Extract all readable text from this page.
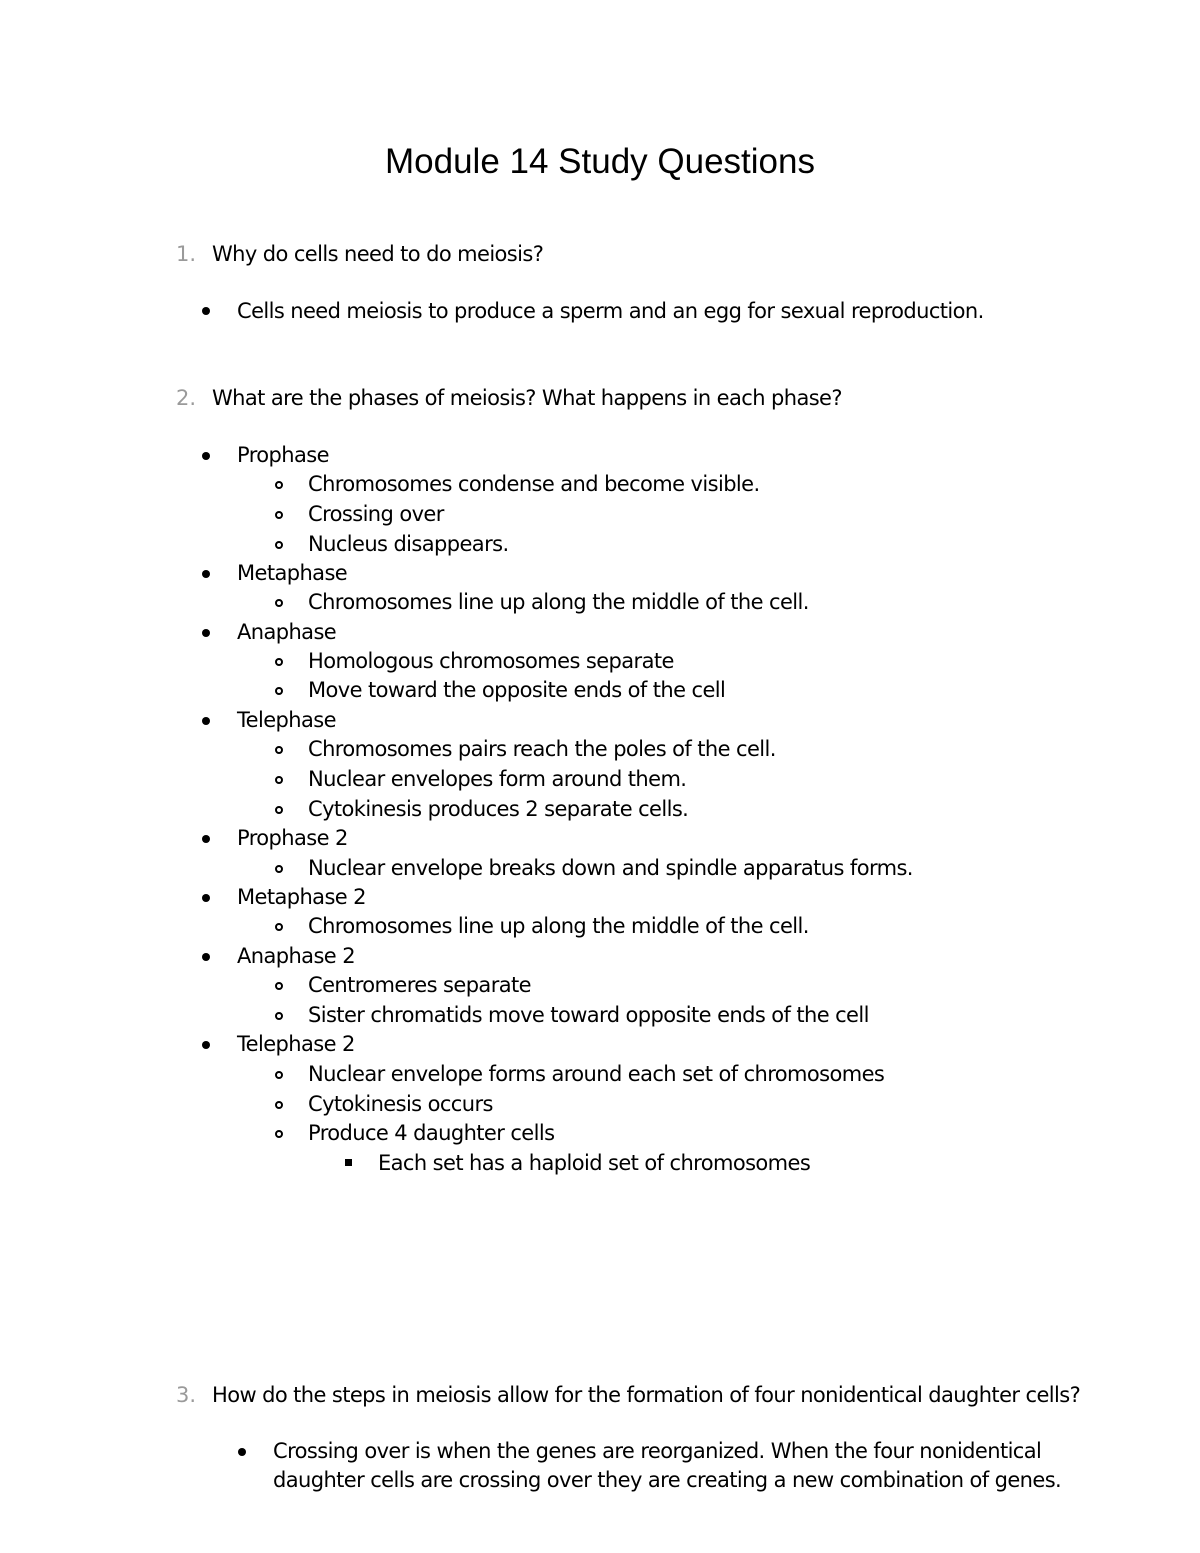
Module 14 Study Questions
1. Why do cells need to do meiosis?
Cells need meiosis to produce a sperm and an egg for sexual reproduction.
2. What are the phases of meiosis? What happens in each phase?
Prophase
Chromosomes condense and become visible.
Crossing over
Nucleus disappears.
Metaphase
Chromosomes line up along the middle of the cell.
Anaphase
Homologous chromosomes separate
Move toward the opposite ends of the cell
Telephase
Chromosomes pairs reach the poles of the cell.
Nuclear envelopes form around them.
Cytokinesis produces 2 separate cells.
Prophase 2
Nuclear envelope breaks down and spindle apparatus forms.
Metaphase 2
Chromosomes line up along the middle of the cell.
Anaphase 2
Centromeres separate
Sister chromatids move toward opposite ends of the cell
Telephase 2
Nuclear envelope forms around each set of chromosomes
Cytokinesis occurs
Produce 4 daughter cells
Each set has a haploid set of chromosomes
3. How do the steps in meiosis allow for the formation of four nonidentical daughter cells?
Crossing over is when the genes are reorganized. When the four nonidentical
daughter cells are crossing over they are creating a new combination of genes.
